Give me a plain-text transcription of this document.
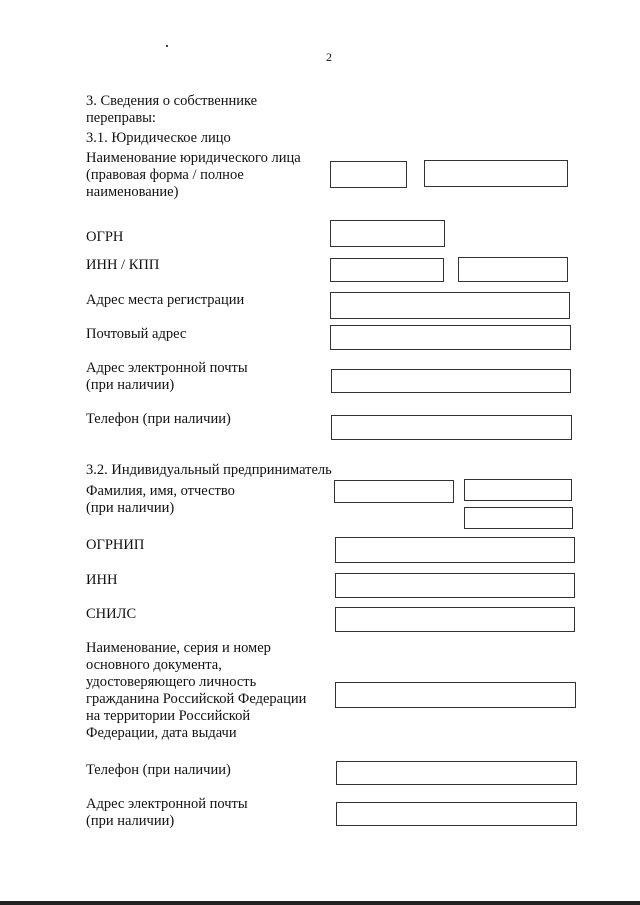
2
3. Сведения о собственнике
переправы:
3.1. Юридическое лицо
Наименование юридического лица
(правовая форма / полное
наименование)
ОГРН
ИНН / КПП
Адрес места регистрации
Почтовый адрес
Адрес электронной почты
(при наличии)
Телефон (при наличии)
3.2. Индивидуальный предприниматель
Фамилия, имя, отчество
(при наличии)
ОГРНИП
ИНН
СНИЛС
Наименование, серия и номер
основного документа,
удостоверяющего личность
гражданина Российской Федерации
на территории Российской
Федерации, дата выдачи
Телефон (при наличии)
Адрес электронной почты
(при наличии)
